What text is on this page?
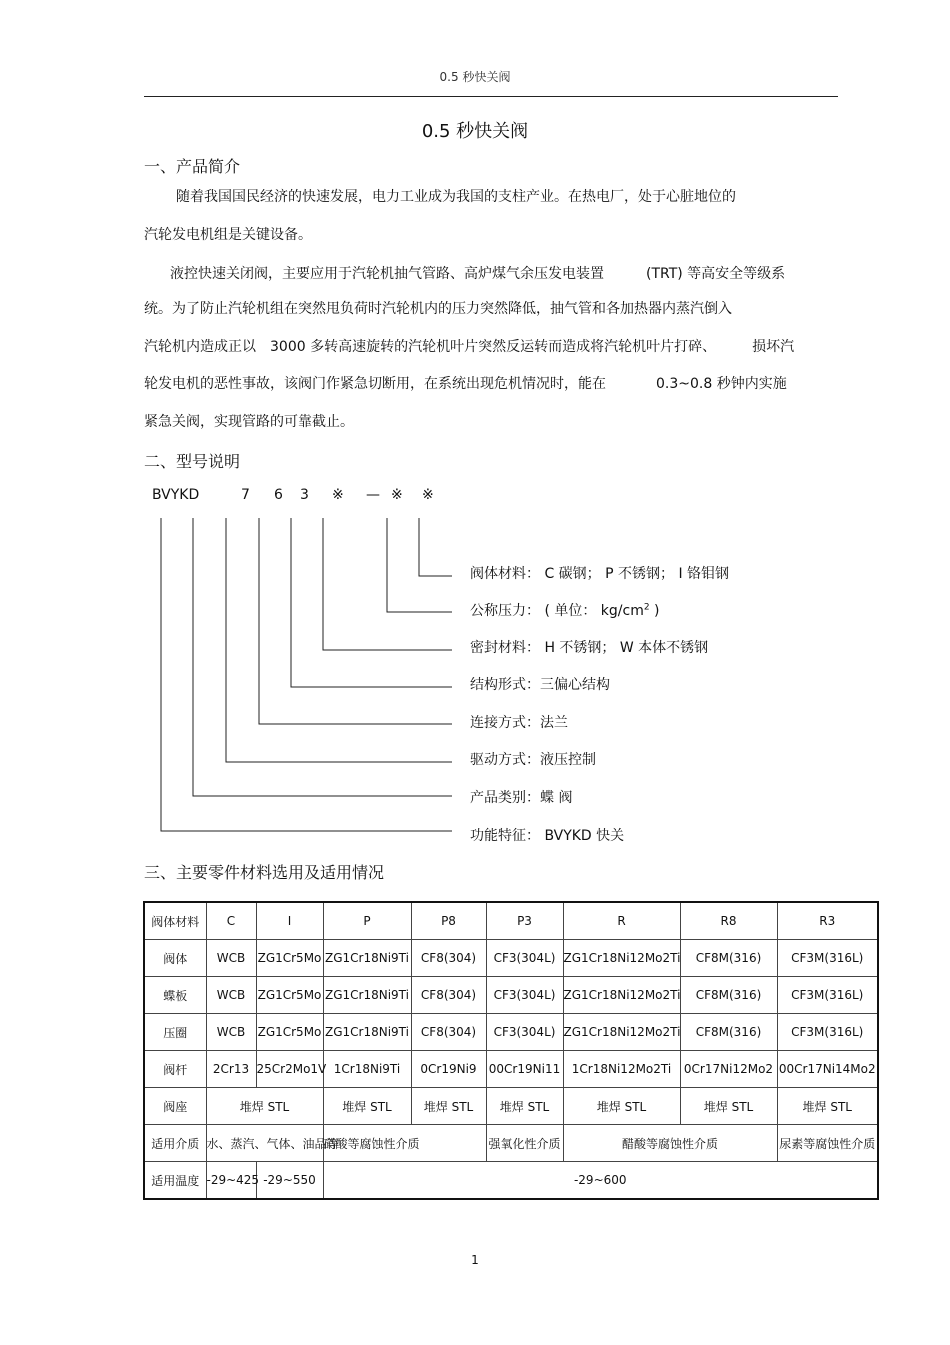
0.5 秒快关阀
0.5 秒快关阀
一、产品简介
随着我国国民经济的快速发展，电力工业成为我国的支柱产业。在热电厂，处于心脏地位的
汽轮发电机组是关键设备。
液控快速关闭阀，主要应用于汽轮机抽气管路、高炉煤气余压发电装置	(TRT) 等高安全等级系
统。为了防止汽轮机组在突然甩负荷时汽轮机内的压力突然降低，抽气管和各加热器内蒸汽倒入
汽轮机内造成正以 3000 多转高速旋转的汽轮机叶片突然反运转而造成将汽轮机叶片打碎、	损坏汽
轮发电机的恶性事故，该阀门作紧急切断用，在系统出现危机情况时，能在	0.3~0.8 秒钟内实施
紧急关阀，实现管路的可靠截止。
二、型号说明
BVYKD	7 6 3 ※ — ※ ※
阀体材料： C 碳钢； P 不锈钢； I 铬钼钢
公称压力： ( 单位： $kg/cm^2$ )
密封材料： H 不锈钢； W 本体不锈钢
结构形式：三偏心结构
连接方式：法兰
驱动方式：液压控制
产品类别：蝶 阀
功能特征： BVYKD 快关
三、主要零件材料选用及适用情况
阀体材料	C	I	P	P8	P3	R	R8	R3
阀体	WCB	ZG1Cr5Mo	ZG1Cr18Ni9Ti	CF8(304)	CF3(304L)	ZG1Cr18Ni12Mo2Ti	CF8M(316)	CF3M(316L)
蝶板	WCB	ZG1Cr5Mo	ZG1Cr18Ni9Ti	CF8(304)	CF3(304L)	ZG1Cr18Ni12Mo2Ti	CF8M(316)	CF3M(316L)
压圈	WCB	ZG1Cr5Mo	ZG1Cr18Ni9Ti	CF8(304)	CF3(304L)	ZG1Cr18Ni12Mo2Ti	CF8M(316)	CF3M(316L)
阀杆	2Cr13	25Cr2Mo1V	1Cr18Ni9Ti	0Cr19Ni9	00Cr19Ni11	1Cr18Ni12Mo2Ti	0Cr17Ni12Mo2	00Cr17Ni14Mo2
阀座	堆焊 STL		堆焊 STL	堆焊 STL	堆焊 STL	堆焊 STL	堆焊 STL	堆焊 STL
适用介质	水、蒸汽、气体、油品等		硝酸等腐蚀性介质		强氧化性介质	醋酸等腐蚀性介质		尿素等腐蚀性介质
适用温度	-29~425	-29~550	-29~600					
1
